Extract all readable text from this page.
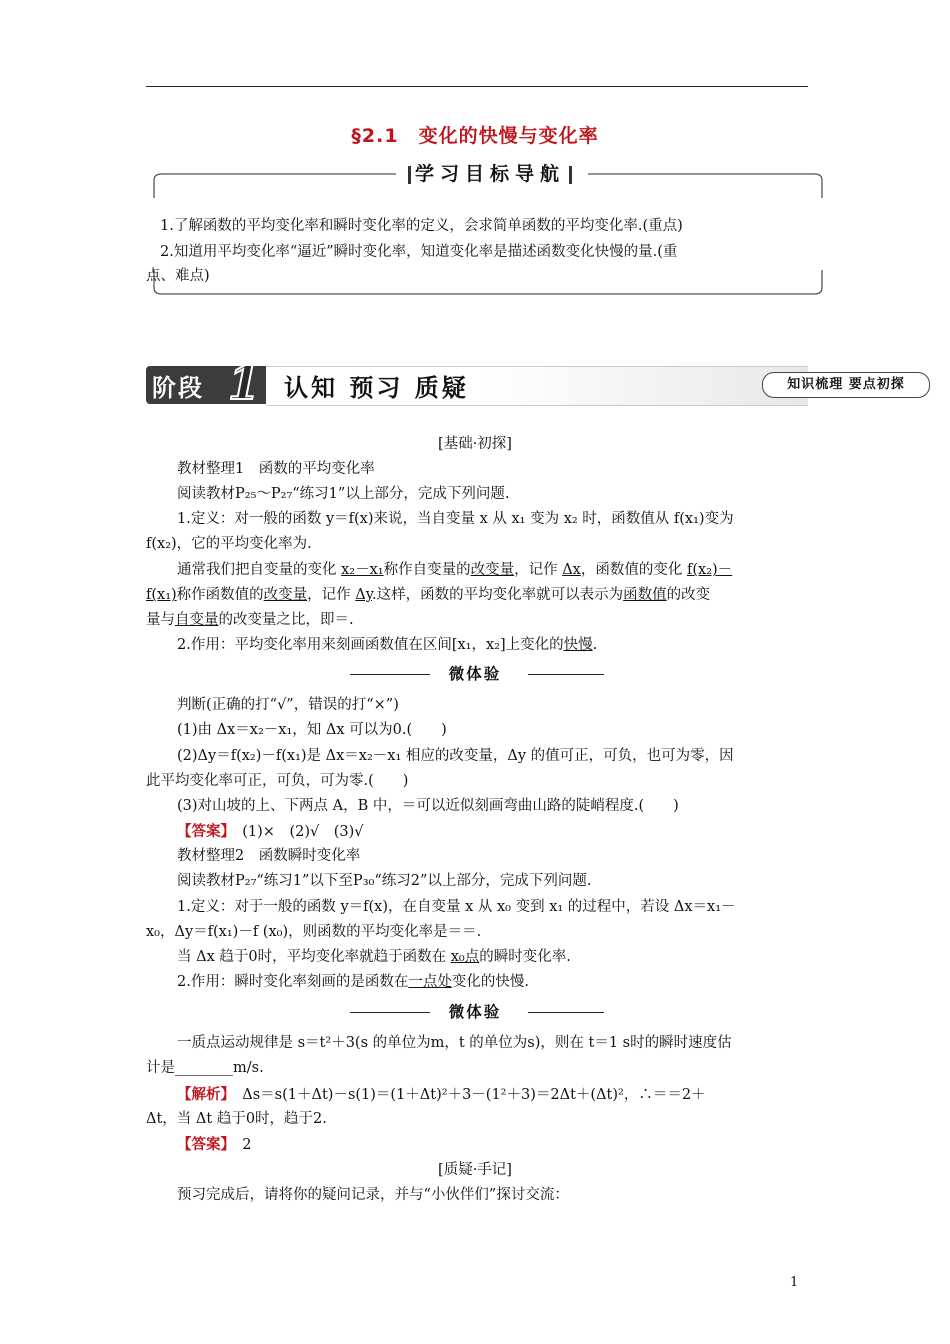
§2.1　变化的快慢与变化率
学习目标导航
1.了解函数的平均变化率和瞬时变化率的定义，会求简单函数的平均变化率.(重点)
2.知道用平均变化率“逼近”瞬时变化率，知道变化率是描述函数变化快慢的量.(重
点、难点)
阶段 1 认知 预习 质疑	知识梳理 要点初探
[基础·初探]
教材整理1　函数的平均变化率
阅读教材P₂₅～P₂₇“练习1”以上部分，完成下列问题.
1.定义：对一般的函数 y＝f(x)来说，当自变量 x 从 x₁ 变为 x₂ 时，函数值从 f(x₁)变为
f(x₂)，它的平均变化率为.
通常我们把自变量的变化 x₂－x₁称作自变量的改变量，记作 Δx，函数值的变化 f(x₂)－
f(x₁)称作函数值的改变量，记作 Δy.这样，函数的平均变化率就可以表示为函数值的改变
量与自变量的改变量之比，即＝.
2.作用：平均变化率用来刻画函数值在区间[x₁，x₂]上变化的快慢.
微体验
判断(正确的打“√”，错误的打“×”)
(1)由 Δx＝x₂－x₁，知 Δx 可以为0.(　　)
(2)Δy＝f(x₂)－f(x₁)是 Δx＝x₂－x₁ 相应的改变量，Δy 的值可正，可负，也可为零，因
此平均变化率可正，可负，可为零.(　　)
(3)对山坡的上、下两点 A，B 中，＝可以近似刻画弯曲山路的陡峭程度.(　　)
【答案】　(1)×　(2)√　(3)√
教材整理2　函数瞬时变化率
阅读教材P₂₇“练习1”以下至P₃₀“练习2”以上部分，完成下列问题.
1.定义：对于一般的函数 y＝f(x)，在自变量 x 从 x₀ 变到 x₁ 的过程中，若设 Δx＝x₁－
x₀，Δy＝f(x₁)－f (x₀)，则函数的平均变化率是＝＝.
当 Δx 趋于0时，平均变化率就趋于函数在 x₀点的瞬时变化率.
2.作用：瞬时变化率刻画的是函数在一点处变化的快慢.
微体验
一质点运动规律是 s＝t²＋3(s 的单位为m，t 的单位为s)，则在 t＝1 s时的瞬时速度估
计是________m/s.
【解析】　Δs＝s(1＋Δt)－s(1)＝(1＋Δt)²＋3－(1²＋3)＝2Δt＋(Δt)²，∴＝＝2＋
Δt，当 Δt 趋于0时，趋于2.
【答案】　2
[质疑·手记]
预习完成后，请将你的疑问记录，并与“小伙伴们”探讨交流：
1
